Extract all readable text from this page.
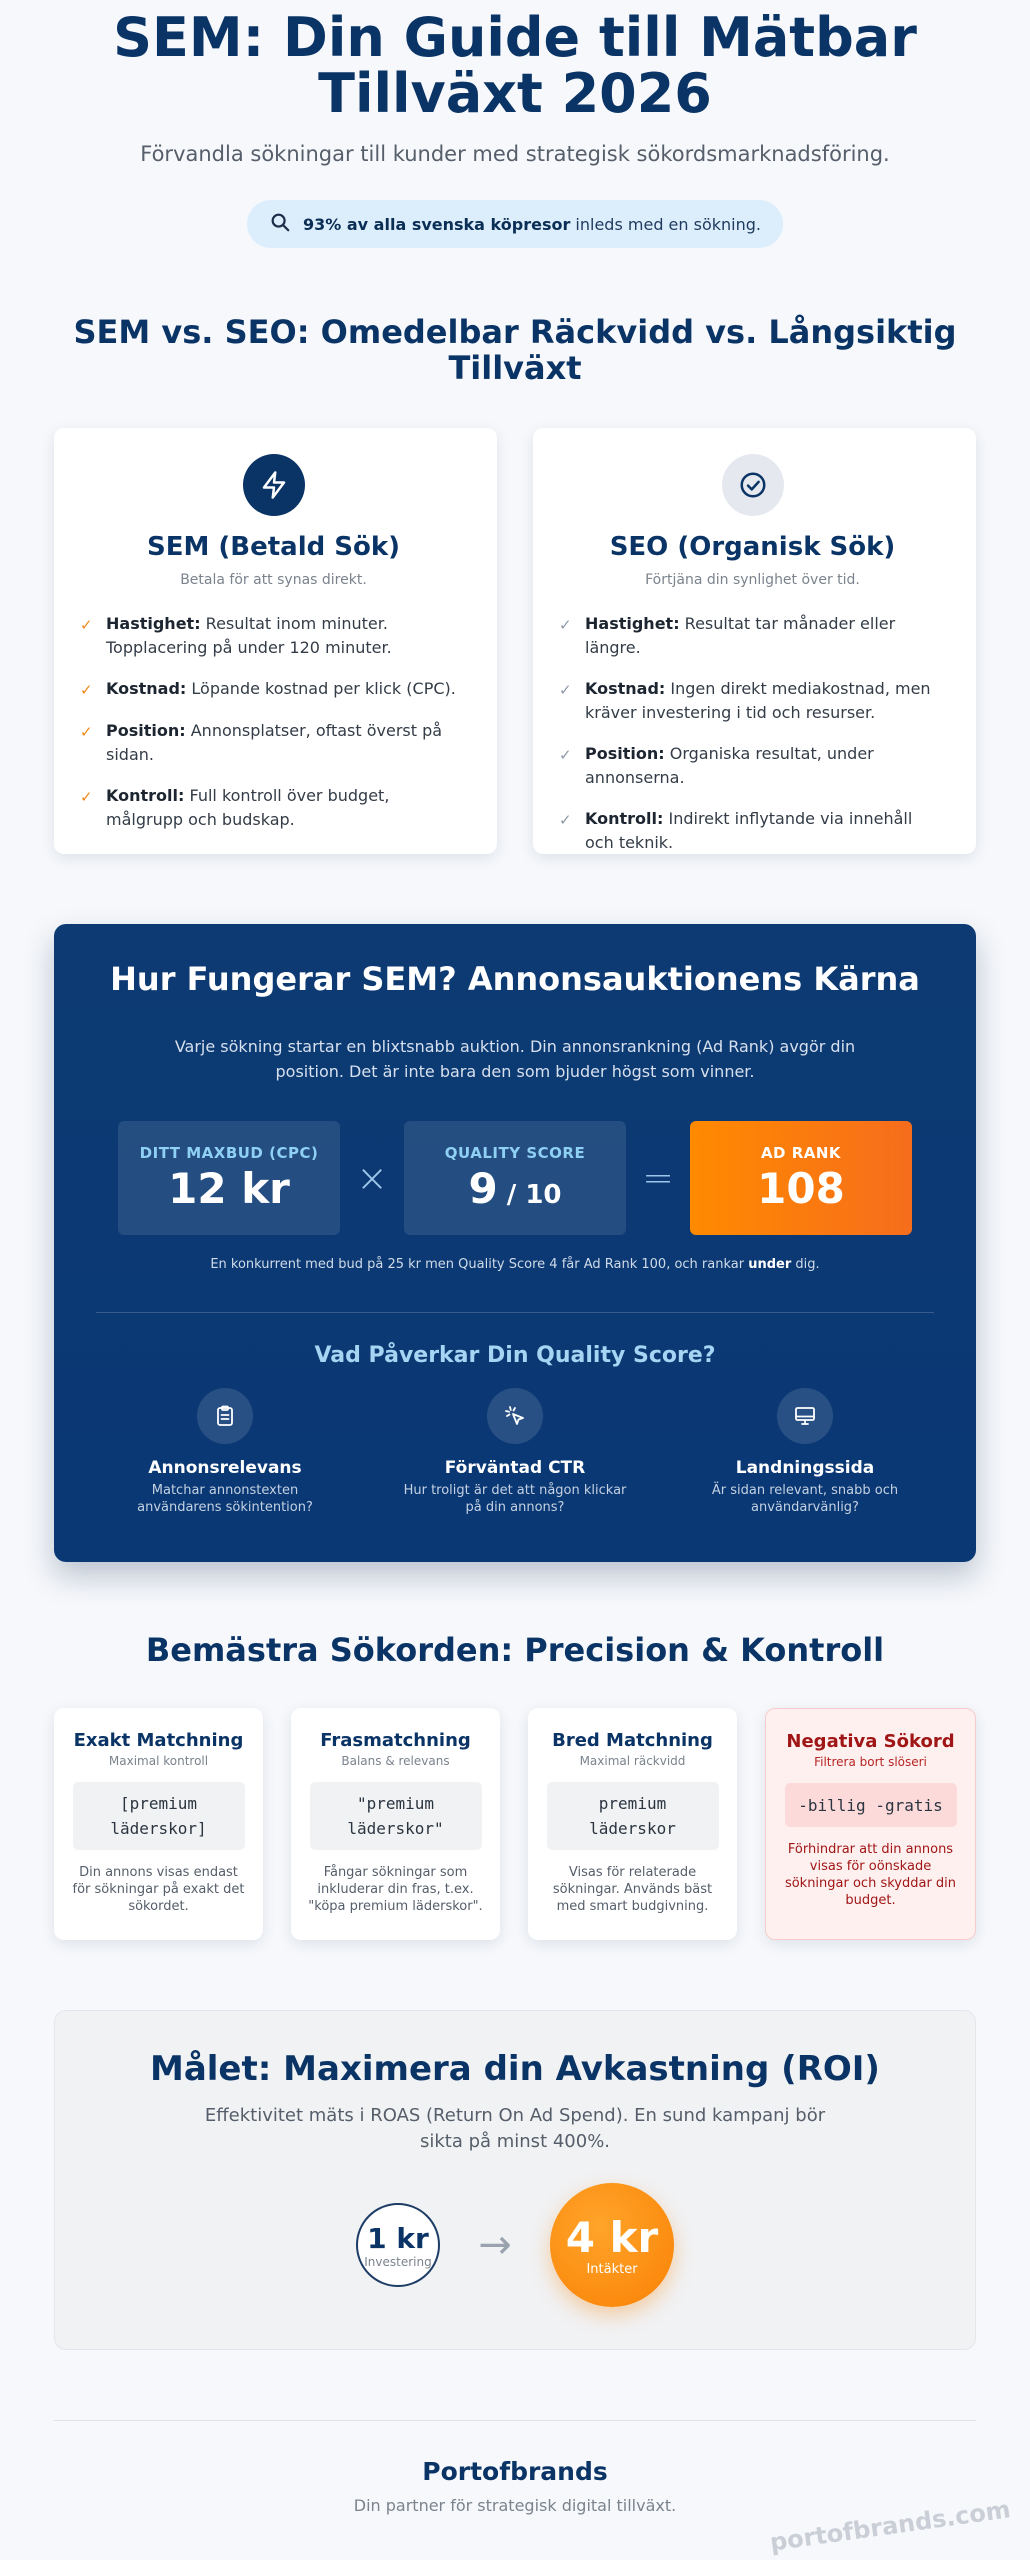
SEM: Din Guide till Mätbar Tillväxt 2026

Förvandla sökningar till kunder med strategisk sökordsmarknadsföring.

93% av alla svenska köpresor inleds med en sökning.
SEM vs. SEO: Omedelbar Räckvidd vs. Långsiktig Tillväxt
SEM (Betald Sök)

Betala för att synas direkt.

✓ Hastighet: Resultat inom minuter. Topplacering på under 120 minuter.
✓ Kostnad: Löpande kostnad per klick (CPC).
✓ Position: Annonsplatser, oftast överst på sidan.
✓ Kontroll: Full kontroll över budget, målgrupp och budskap.
SEO (Organisk Sök)

Förtjäna din synlighet över tid.

✓ Hastighet: Resultat tar månader eller längre.
✓ Kostnad: Ingen direkt mediakostnad, men kräver investering i tid och resurser.
✓ Position: Organiska resultat, under annonserna.
✓ Kontroll: Indirekt inflytande via innehåll och teknik.
Hur Fungerar SEM? Annonsauktionens Kärna

Varje sökning startar en blixtsnabb auktion. Din annonsrankning (Ad Rank) avgör din position. Det är inte bara den som bjuder högst som vinner.

DITT MAXBUD (CPC)
12 kr	×
QUALITY SCORE
9 / 10	=
AD RANK
108

En konkurrent med bud på 25 kr men Quality Score 4 får Ad Rank 100, och rankar under dig.

Vad Påverkar Din Quality Score?
Annonsrelevans
Matchar annonstexten användarens sökintention?
Förväntad CTR
Hur troligt är det att någon klickar på din annons?
Landningssida
Är sidan relevant, snabb och användarvänlig?
Bemästra Sökorden: Precision & Kontroll
Exakt Matchning
Maximal kontroll
[premium läderskor]
Din annons visas endast för sökningar på exakt det sökordet.
Frasmatchning
Balans & relevans
"premium läderskor"
Fångar sökningar som inkluderar din fras, t.ex. "köpa premium läderskor".
Bred Matchning
Maximal räckvidd
premium läderskor
Visas för relaterade sökningar. Används bäst med smart budgivning.
Negativa Sökord
Filtrera bort slöseri
-billig -gratis
Förhindrar att din annons visas för oönskade sökningar och skyddar din budget.
Målet: Maximera din Avkastning (ROI)

Effektivitet mäts i ROAS (Return On Ad Spend). En sund kampanj bör sikta på minst 400%.

1 kr
Investering	→	4 kr
Intäkter
Portofbrands
Din partner för strategisk digital tillväxt.	portofbrands.com
